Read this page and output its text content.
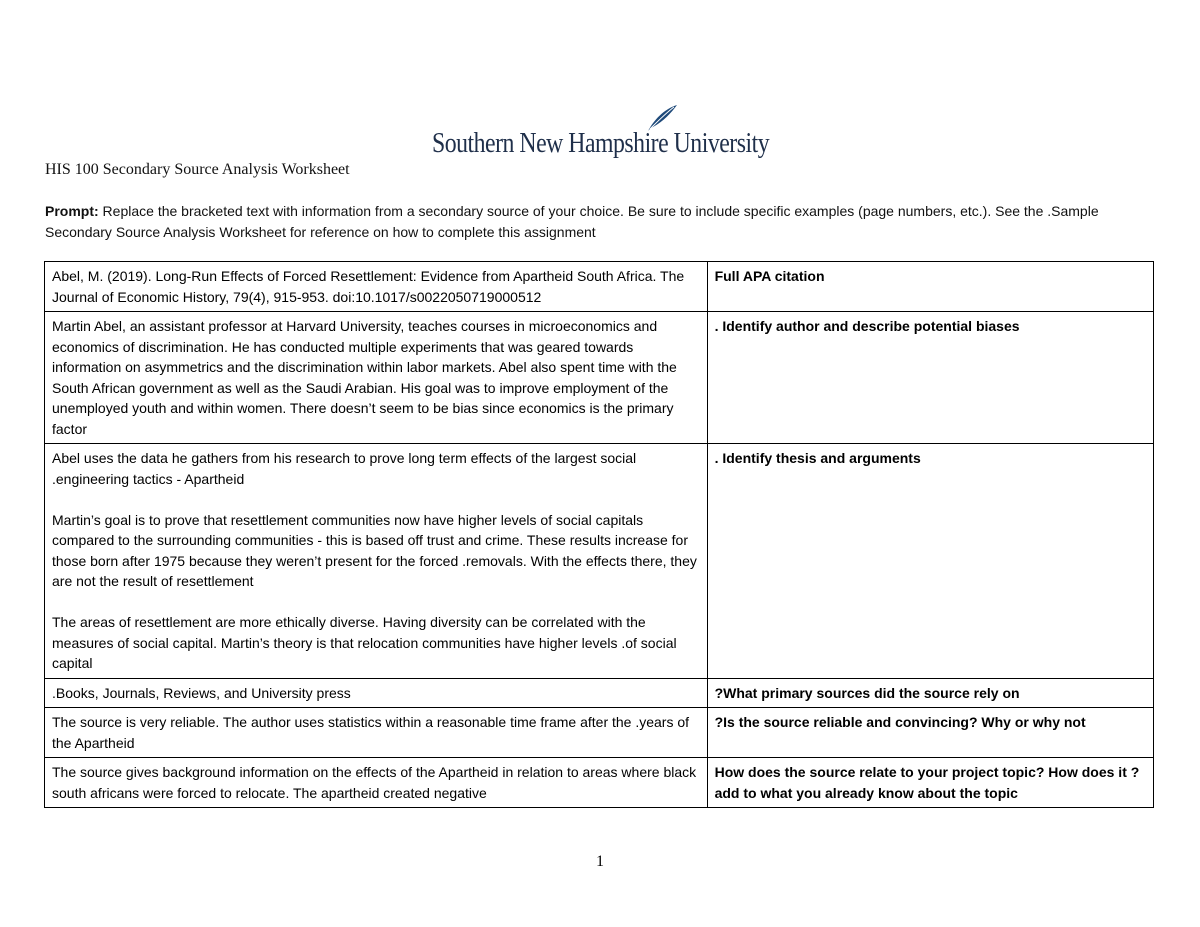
Southern New Hampshire University
HIS 100 Secondary Source Analysis Worksheet
Prompt: Replace the bracketed text with information from a secondary source of your choice. Be sure to include specific examples (page numbers, etc.). See the .Sample Secondary Source Analysis Worksheet for reference on how to complete this assignment

Abel, M. (2019). Long-Run Effects of Forced Resettlement: Evidence from Apartheid South Africa. The Journal of Economic History, 79(4), 915-953. doi:10.1017/s0022050719000512	Full APA citation

Martin Abel, an assistant professor at Harvard University, teaches courses in microeconomics and economics of discrimination. He has conducted multiple experiments that was geared towards information on asymmetrics and the discrimination within labor markets. Abel also spent time with the South African government as well as the Saudi Arabian. His goal was to improve employment of the unemployed youth and within women. There doesn’t seem to be bias since economics is the primary factor	. Identify author and describe potential biases

Abel uses the data he gathers from his research to prove long term effects of the largest social .engineering tactics - Apartheid

Martin’s goal is to prove that resettlement communities now have higher levels of social capitals compared to the surrounding communities - this is based off trust and crime. These results increase for those born after 1975 because they weren’t present for the forced .removals. With the effects there, they are not the result of resettlement

The areas of resettlement are more ethically diverse. Having diversity can be correlated with the measures of social capital. Martin’s theory is that relocation communities have higher levels .of social capital	. Identify thesis and arguments

.Books, Journals, Reviews, and University press	?What primary sources did the source rely on

The source is very reliable. The author uses statistics within a reasonable time frame after the .years of the Apartheid	?Is the source reliable and convincing? Why or why not

The source gives background information on the effects of the Apartheid in relation to areas where black south africans were forced to relocate. The apartheid created negative	How does the source relate to your project topic? How does it ?add to what you already know about the topic
1
